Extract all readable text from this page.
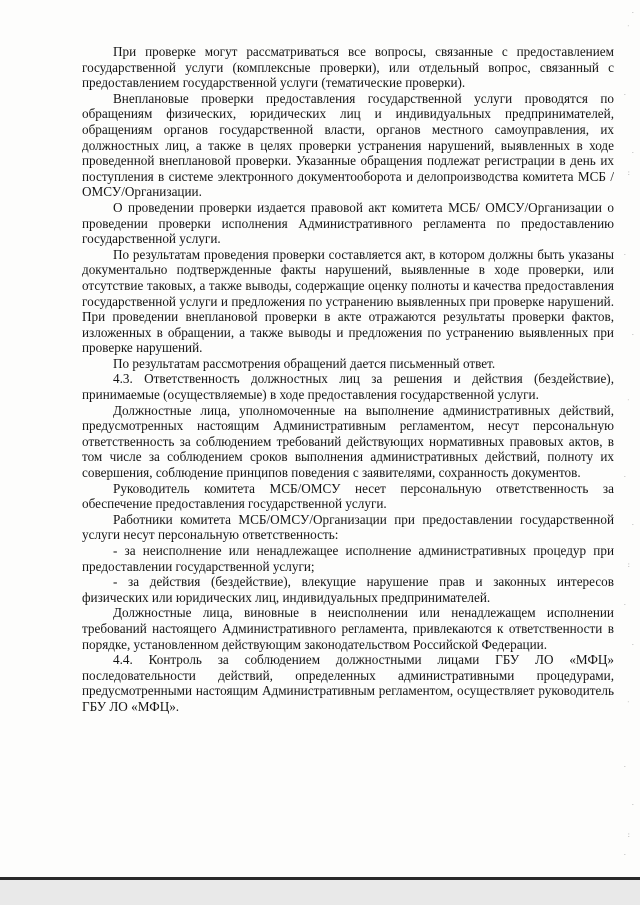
При проверке могут рассматриваться все вопросы, связанные с предоставлением государственной услуги (комплексные проверки), или отдельный вопрос, связанный с предоставлением государственной услуги (тематические проверки).

Внеплановые проверки предоставления государственной услуги проводятся по обращениям физических, юридических лиц и индивидуальных предпринимателей, обращениям органов государственной власти, органов местного самоуправления, их должностных лиц, а также в целях проверки устранения нарушений, выявленных в ходе проведенной внеплановой проверки. Указанные обращения подлежат регистрации в день их поступления в системе электронного документооборота и делопроизводства комитета МСБ /ОМСУ/Организации.

О проведении проверки издается правовой акт комитета МСБ/ ОМСУ/Организации о проведении проверки исполнения Административного регламента по предоставлению государственной услуги.

По результатам проведения проверки составляется акт, в котором должны быть указаны документально подтвержденные факты нарушений, выявленные в ходе проверки, или отсутствие таковых, а также выводы, содержащие оценку полноты и качества предоставления государственной услуги и предложения по устранению выявленных при проверке нарушений. При проведении внеплановой проверки в акте отражаются результаты проверки фактов, изложенных в обращении, а также выводы и предложения по устранению выявленных при проверке нарушений.

По результатам рассмотрения обращений дается письменный ответ.

4.3. Ответственность должностных лиц за решения и действия (бездействие), принимаемые (осуществляемые) в ходе предоставления государственной услуги.

Должностные лица, уполномоченные на выполнение административных действий, предусмотренных настоящим Административным регламентом, несут персональную ответственность за соблюдением требований действующих нормативных правовых актов, в том числе за соблюдением сроков выполнения административных действий, полноту их совершения, соблюдение принципов поведения с заявителями, сохранность документов.

Руководитель комитета МСБ/ОМСУ несет персональную ответственность за обеспечение предоставления государственной услуги.

Работники комитета МСБ/ОМСУ/Организации при предоставлении государственной услуги несут персональную ответственность:

- за неисполнение или ненадлежащее исполнение административных процедур при предоставлении государственной услуги;

- за действия (бездействие), влекущие нарушение прав и законных интересов физических или юридических лиц, индивидуальных предпринимателей.

Должностные лица, виновные в неисполнении или ненадлежащем исполнении требований настоящего Административного регламента, привлекаются к ответственности в порядке, установленном действующим законодательством Российской Федерации.

4.4. Контроль за соблюдением должностными лицами ГБУ ЛО «МФЦ» последовательности действий, определенных административными процедурами, предусмотренными настоящим Административным регламентом, осуществляет руководитель ГБУ ЛО «МФЦ».

·
˙
.
·
:
·
·
˙
.
·
:
·
·
˙
.
·
:
·
